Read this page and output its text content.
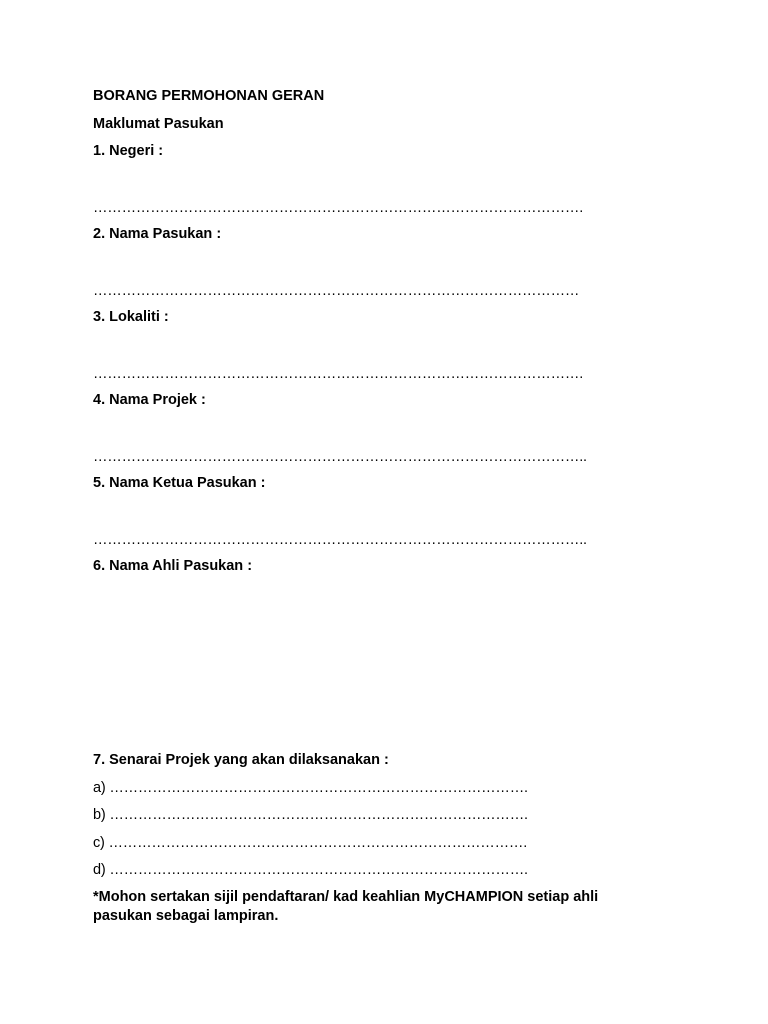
BORANG PERMOHONAN GERAN
Maklumat Pasukan
1. Negeri :
………………………………………………………………………………………….
2. Nama Pasukan :
…………………………………………………………………………………………
3. Lokaliti :
………………………………………………………………………………………….
4. Nama Projek :
…………………………………………………………………………………………..
5. Nama Ketua Pasukan :
…………………………………………………………………………………………..
6. Nama Ahli Pasukan :
7. Senarai Projek yang akan dilaksanakan :
a) …………………………………………………………………………….
b) …………………………………………………………………………….
c) …………………………………………………………………………….
d) …………………………………………………………………………….
*Mohon sertakan sijil pendaftaran/ kad keahlian MyCHAMPION setiap ahli pasukan sebagai lampiran.
